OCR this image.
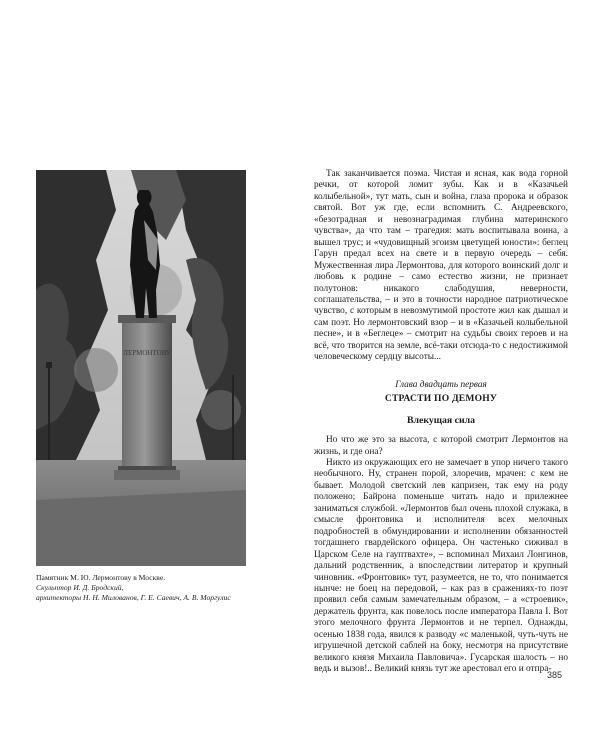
ЛЕРМОНТОВУ
Памятник М. Ю. Лермонтову в Москве.
Скульптор И. Д. Бродский,
архитекторы Н. Н. Милованов, Г. Е. Саевич, А. В. Моргулис

Так заканчивается поэма. Чистая и ясная, как вода горной речки, от которой ломит зубы. Как и в «Казачьей колыбельной», тут мать, сын и война, глаза пророка и образок святой. Вот уж где, если вспомнить С. Андреевского, «безотрадная и невознаградимая глубина материнского чувства», да что там – трагедия: мать воспитывала воина, а вышел трус; и «чудовищный эгоизм цветущей юности»: беглец Гарун предал всех на свете и в первую очередь – себя. Мужественная лира Лермонтова, для которого воинский долг и любовь к родине – само естество жизни, не признает полутонов: никакого слабодушия, неверности, соглашательства, – и это в точности народное патриотическое чувство, с которым в невозмутимой простоте жил как дышал и сам поэт. Но лермонтовский взор – и в «Казачьей колыбельной песне», и в «Беглеце» – смотрит на судьбы своих героев и на всё, что творится на земле, всё-таки отсюда-то с недостижимой человеческому сердцу высоты...

Глава двадцать первая
СТРАСТИ ПО ДЕМОНУ
Влекущая сила

Но что же это за высота, с которой смотрит Лермонтов на жизнь, и где она?

Никто из окружающих его не замечает в упор ничего такого необычного. Ну, странен порой, злоречив, мрачен: с кем не бывает. Молодой светский лев капризен, так ему на роду положено; Байрона поменьше читать надо и прилежнее заниматься службой. «Лермонтов был очень плохой служака, в смысле фронтовика и исполнителя всех мелочных подробностей в обмундировании и исполнении обязанностей тогдашнего гвардейского офицера. Он частенько сиживал в Царском Селе на гауптвахте», – вспоминал Михаил Лонгинов, дальний родственник, а впоследствии литератор и крупный чиновник. «Фронтовик» тут, разумеется, не то, что понимается нынче: не боец на передовой, – как раз в сражениях-то поэт проявил себя самым замечательным образом, – а «строевик», держатель фрунта, как повелось после императора Павла I. Вот этого мелочного фрунта Лермонтов и не терпел. Однажды, осенью 1838 года, явился к разводу «с маленькой, чуть-чуть не игрушечной детской саблей на боку, несмотря на присутствие великого князя Михаила Павловича». Гусарская шалость – но ведь и вызов!.. Великий князь тут же арестовал его и отпра-

385
